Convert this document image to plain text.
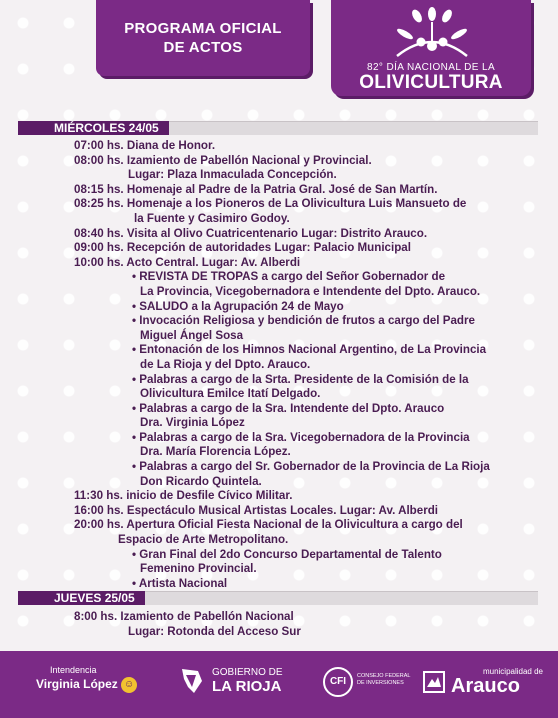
PROGRAMA OFICIAL
DE ACTOS
82° DÍA NACIONAL DE LA
OLIVICULTURA
MIÉRCOLES 24/05
07:00 hs. Diana de Honor.
08:00 hs. Izamiento de Pabellón Nacional y Provincial.
Lugar: Plaza Inmaculada Concepción.
08:15 hs. Homenaje al Padre de la Patria Gral. José de San Martín.
08:25 hs. Homenaje a los Pioneros de La Olivicultura Luis Mansueto de
la Fuente y Casimiro Godoy.
08:40 hs. Visita al Olivo Cuatricentenario Lugar: Distrito Arauco.
09:00 hs. Recepción de autoridades Lugar: Palacio Municipal
10:00 hs. Acto Central. Lugar: Av. Alberdi
• REVISTA DE TROPAS a cargo del Señor Gobernador de
La Provincia, Vicegobernadora e Intendente del Dpto. Arauco.
• SALUDO a la Agrupación 24 de Mayo
• Invocación Religiosa y bendición de frutos a cargo del Padre
Miguel Ángel Sosa
• Entonación de los Himnos Nacional Argentino, de La Provincia
de La Rioja y del Dpto. Arauco.
• Palabras a cargo de la Srta. Presidente de la Comisión de la
Olivicultura Emilce Itatí Delgado.
• Palabras a cargo de la Sra. Intendente del Dpto. Arauco
Dra. Virginia López
• Palabras a cargo de la Sra. Vicegobernadora de la Provincia
Dra. María Florencia López.
• Palabras a cargo del Sr. Gobernador de la Provincia de La Rioja
Don Ricardo Quintela.
11:30 hs. inicio de Desfile Cívico Militar.
16:00 hs. Espectáculo Musical Artistas Locales. Lugar: Av. Alberdi
20:00 hs. Apertura Oficial Fiesta Nacional de la Olivicultura a cargo del
Espacio de Arte Metropolitano.
• Gran Final del 2do Concurso Departamental de Talento
Femenino Provincial.
• Artista Nacional
JUEVES 25/05
8:00 hs. Izamiento de Pabellón Nacional
Lugar: Rotonda del Acceso Sur
Intendencia
Virginia López ☺
GOBIERNO DE
LA RIOJA	CFI	CONSEJO FEDERAL
DE INVERSIONES
municipalidad de
Arauco
